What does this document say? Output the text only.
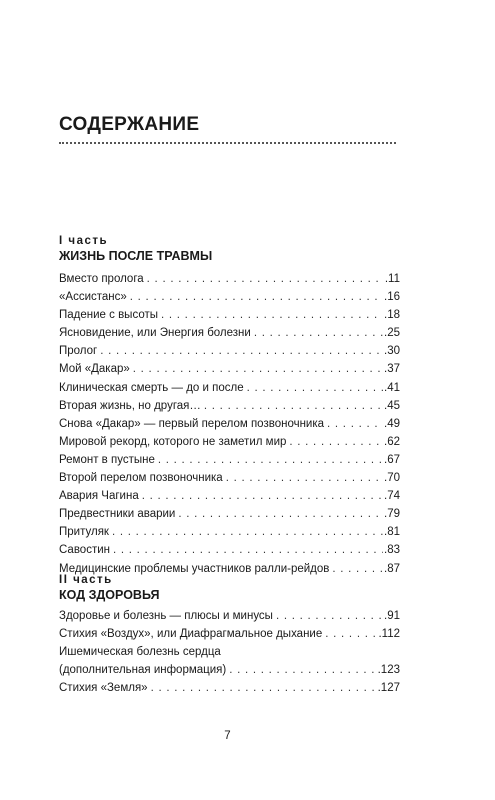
СОДЕРЖАНИЕ
I часть
ЖИЗНЬ ПОСЛЕ ТРАВМЫ
Вместо пролога . . .	.11
«Ассистанс» . . .	.16
Падение с высоты . . .	.18
Ясновидение, или Энергия болезни . . .	.25
Пролог . . .	.30
Мой «Дакар» . . .	.37
Клиническая смерть — до и после . . .	.41
Вторая жизнь, но другая… . . .	.45
Снова «Дакар» — первый перелом позвоночника . . .	.49
Мировой рекорд, которого не заметил мир . . .	.62
Ремонт в пустыне . . .	.67
Второй перелом позвоночника . . .	.70
Авария Чагина . . .	.74
Предвестники аварии . . .	.79
Притуляк . . .	.81
Савостин . . .	.83
Медицинские проблемы участников ралли-рейдов . . .	.87
II часть
КОД ЗДОРОВЬЯ
Здоровье и болезнь — плюсы и минусы . . .	.91
Стихия «Воздух», или Диафрагмальное дыхание . . .	.112
Ишемическая болезнь сердца
(дополнительная информация) . . .	.123
Стихия «Земля» . . .	.127
7
